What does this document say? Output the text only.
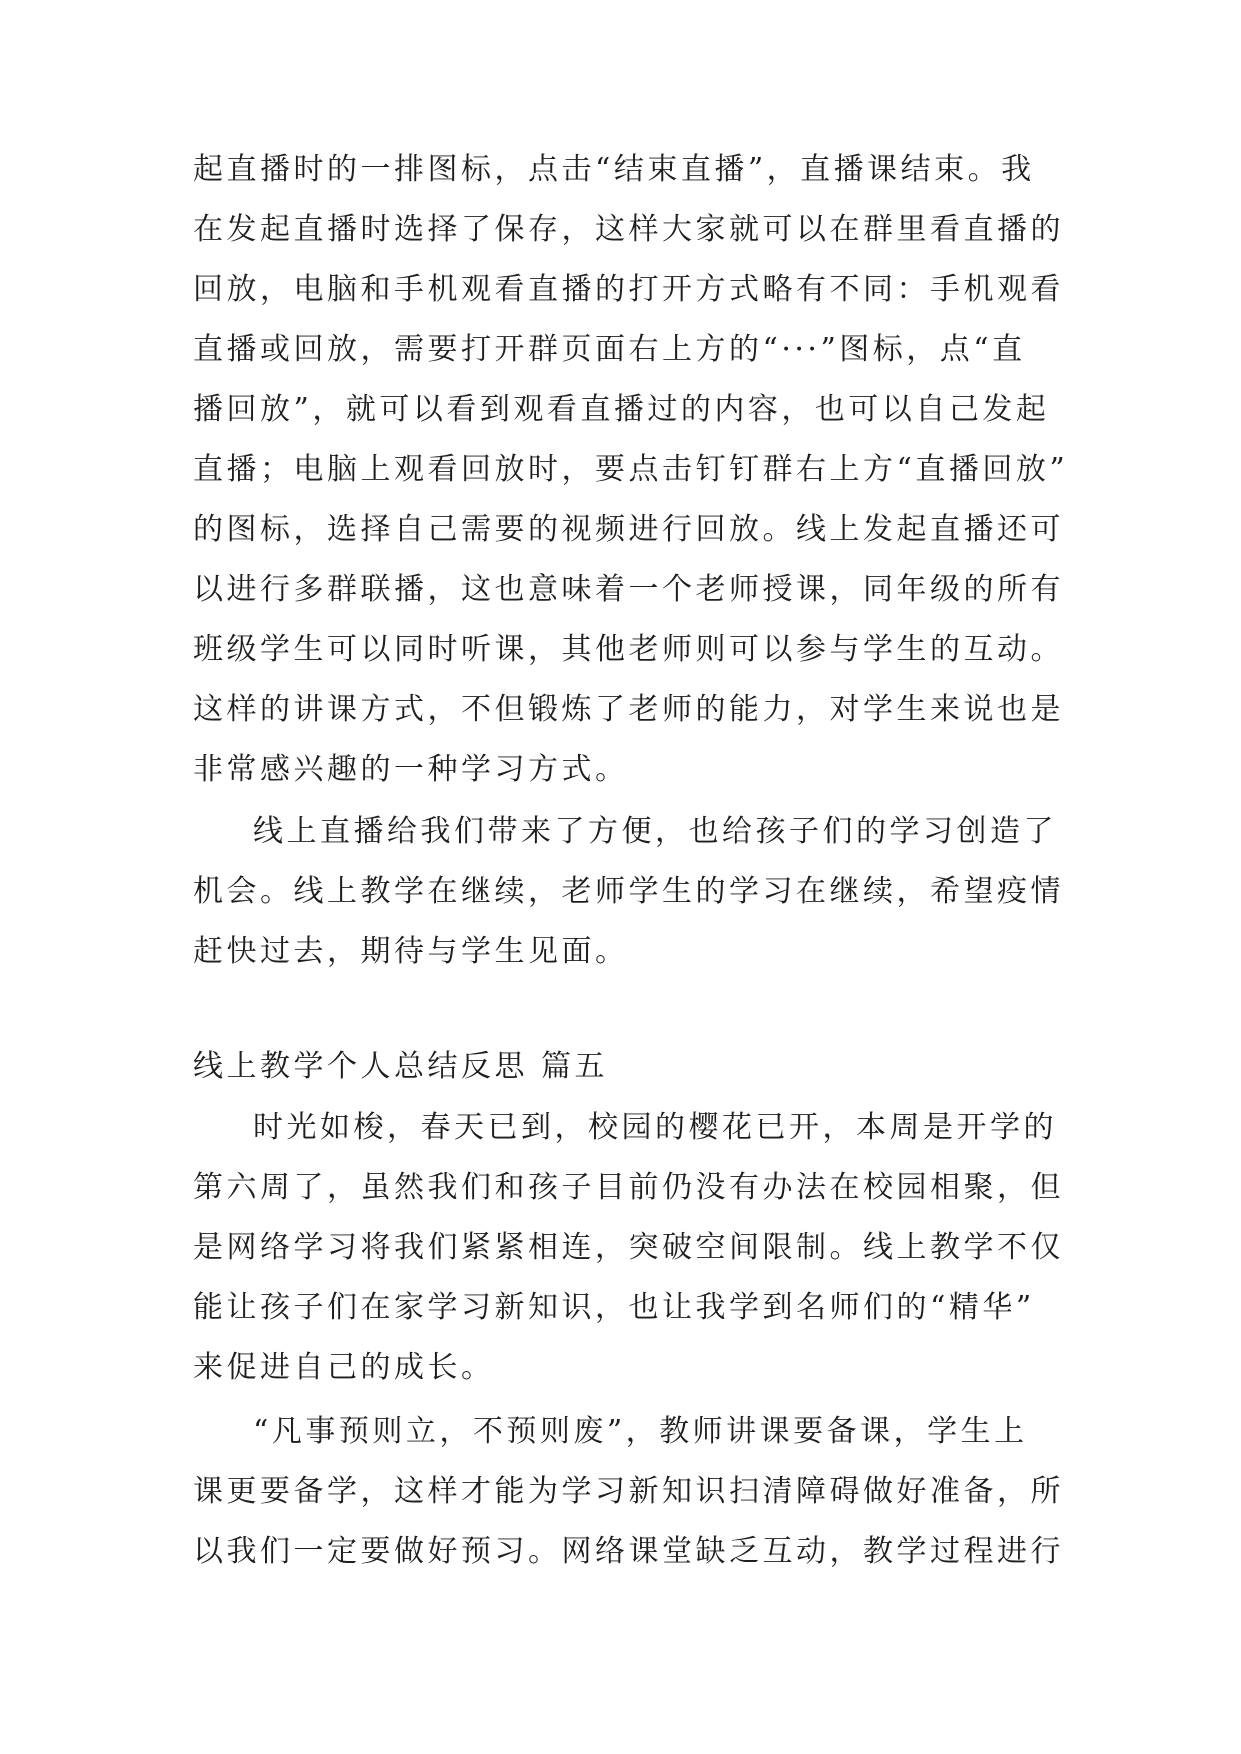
起直播时的一排图标，点击“结束直播”，直播课结束。我
在发起直播时选择了保存，这样大家就可以在群里看直播的
回放，电脑和手机观看直播的打开方式略有不同：手机观看
直播或回放，需要打开群页面右上方的“···”图标，点“直
播回放”，就可以看到观看直播过的内容，也可以自己发起
直播；电脑上观看回放时，要点击钉钉群右上方“直播回放”
的图标，选择自己需要的视频进行回放。线上发起直播还可
以进行多群联播，这也意味着一个老师授课，同年级的所有
班级学生可以同时听课，其他老师则可以参与学生的互动。
这样的讲课方式，不但锻炼了老师的能力，对学生来说也是
非常感兴趣的一种学习方式。
线上直播给我们带来了方便，也给孩子们的学习创造了
机会。线上教学在继续，老师学生的学习在继续，希望疫情
赶快过去，期待与学生见面。
线上教学个人总结反思 篇五
时光如梭，春天已到，校园的樱花已开，本周是开学的
第六周了，虽然我们和孩子目前仍没有办法在校园相聚，但
是网络学习将我们紧紧相连，突破空间限制。线上教学不仅
能让孩子们在家学习新知识，也让我学到名师们的“精华”
来促进自己的成长。
“凡事预则立，不预则废”，教师讲课要备课，学生上
课更要备学，这样才能为学习新知识扫清障碍做好准备，所
以我们一定要做好预习。网络课堂缺乏互动，教学过程进行
